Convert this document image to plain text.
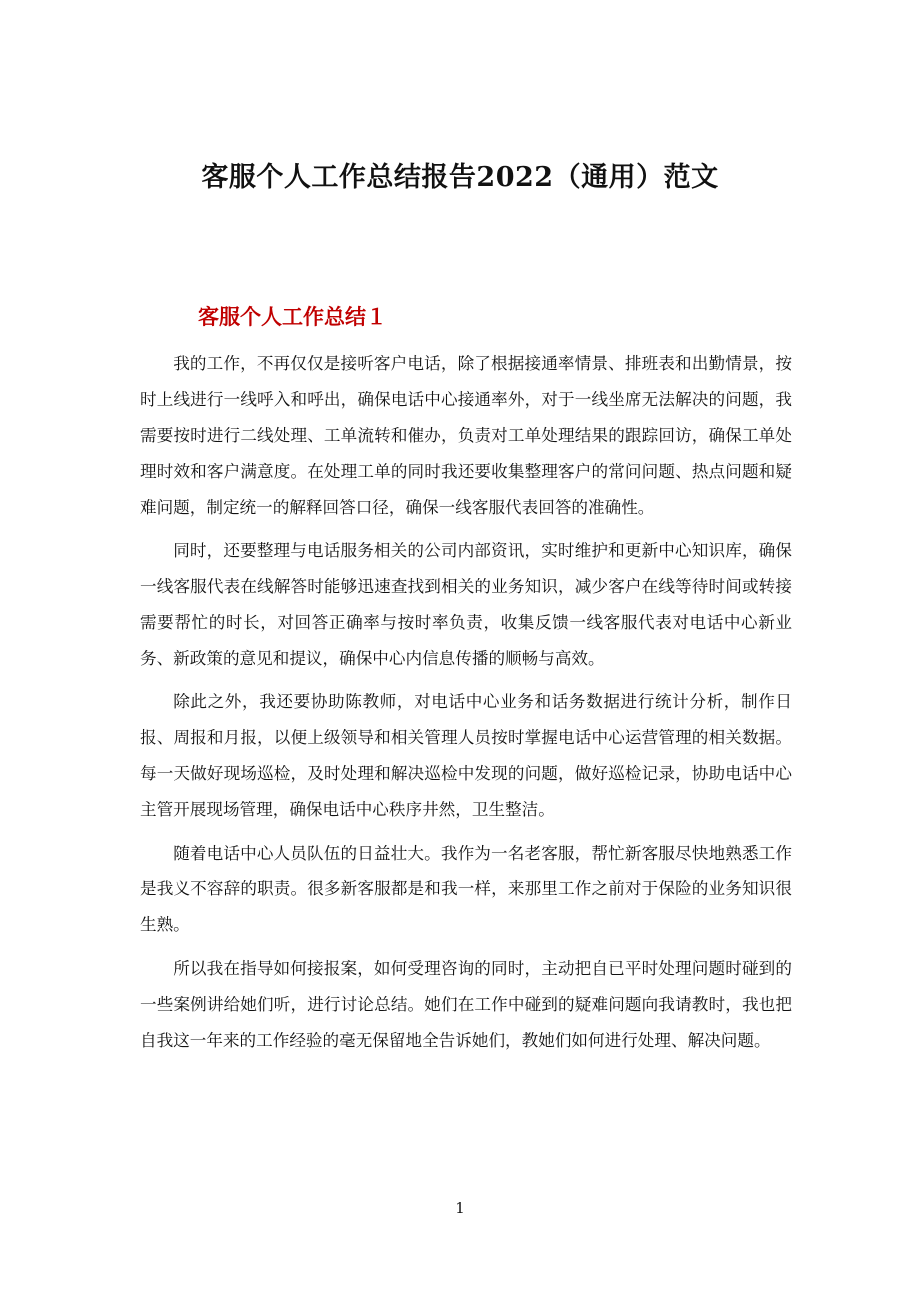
客服个人工作总结报告2022（通用）范文
客服个人工作总结１

我的工作，不再仅仅是接听客户电话，除了根据接通率情景、排班表和出勤情景，按时上线进行一线呼入和呼出，确保电话中心接通率外，对于一线坐席无法解决的问题，我需要按时进行二线处理、工单流转和催办，负责对工单处理结果的跟踪回访，确保工单处理时效和客户满意度。在处理工单的同时我还要收集整理客户的常问问题、热点问题和疑难问题，制定统一的解释回答口径，确保一线客服代表回答的准确性。

同时，还要整理与电话服务相关的公司内部资讯，实时维护和更新中心知识库，确保一线客服代表在线解答时能够迅速查找到相关的业务知识，减少客户在线等待时间或转接需要帮忙的时长，对回答正确率与按时率负责，收集反馈一线客服代表对电话中心新业务、新政策的意见和提议，确保中心内信息传播的顺畅与高效。

除此之外，我还要协助陈教师，对电话中心业务和话务数据进行统计分析，制作日报、周报和月报，以便上级领导和相关管理人员按时掌握电话中心运营管理的相关数据。每一天做好现场巡检，及时处理和解决巡检中发现的问题，做好巡检记录，协助电话中心主管开展现场管理，确保电话中心秩序井然，卫生整洁。

随着电话中心人员队伍的日益壮大。我作为一名老客服，帮忙新客服尽快地熟悉工作是我义不容辞的职责。很多新客服都是和我一样，来那里工作之前对于保险的业务知识很生熟。

所以我在指导如何接报案，如何受理咨询的同时，主动把自已平时处理问题时碰到的一些案例讲给她们听，进行讨论总结。她们在工作中碰到的疑难问题向我请教时，我也把自我这一年来的工作经验的毫无保留地全告诉她们，教她们如何进行处理、解决问题。

1
